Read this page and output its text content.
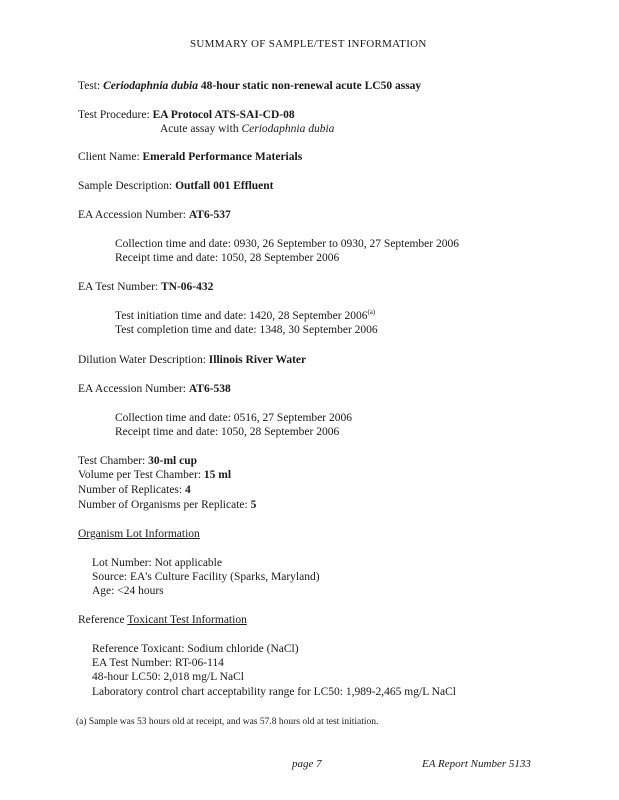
SUMMARY OF SAMPLE/TEST INFORMATION
Test: Ceriodaphnia dubia 48-hour static non-renewal acute LC50 assay
Test Procedure: EA Protocol ATS-SAI-CD-08
Acute assay with Ceriodaphnia dubia
Client Name: Emerald Performance Materials
Sample Description: Outfall 001 Effluent
EA Accession Number: AT6-537
Collection time and date: 0930, 26 September to 0930, 27 September 2006
Receipt time and date: 1050, 28 September 2006
EA Test Number: TN-06-432
Test initiation time and date: 1420, 28 September 2006$^{(a)}$
Test completion time and date: 1348, 30 September 2006
Dilution Water Description: Illinois River Water
EA Accession Number: AT6-538
Collection time and date: 0516, 27 September 2006
Receipt time and date: 1050, 28 September 2006
Test Chamber: 30-ml cup
Volume per Test Chamber: 15 ml
Number of Replicates: 4
Number of Organisms per Replicate: 5
Organism Lot Information
Lot Number: Not applicable
Source: EA's Culture Facility (Sparks, Maryland)
Age: <24 hours
Reference Toxicant Test Information
Reference Toxicant: Sodium chloride (NaCl)
EA Test Number: RT-06-114
48-hour LC50: 2,018 mg/L NaCl
Laboratory control chart acceptability range for LC50: 1,989-2,465 mg/L NaCl
(a) Sample was 53 hours old at receipt, and was 57.8 hours old at test initiation.
page 7	EA Report Number 5133
